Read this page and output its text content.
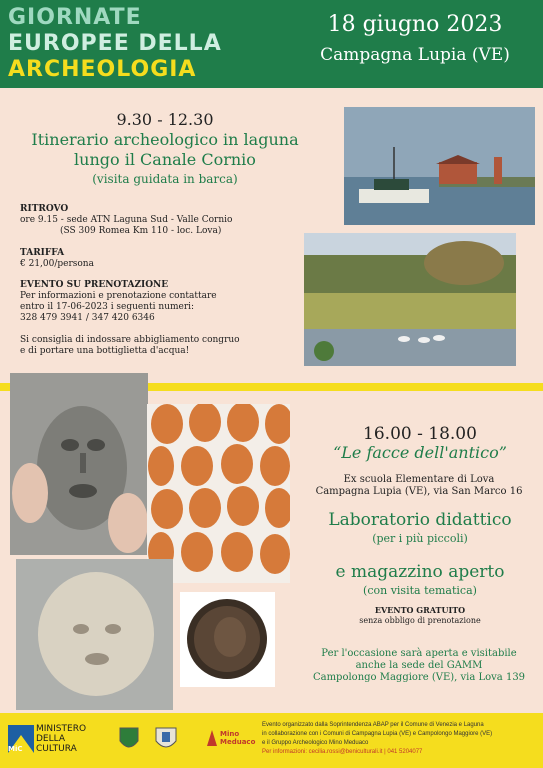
GIORNATE
EUROPEE DELLA
ARCHEOLOGIA
18 giugno 2023
Campagna Lupia (VE)
9.30 - 12.30
Itinerario archeologico in laguna
lungo il Canale Cornio
(visita guidata in barca)
RITROVO
ore 9.15 - sede ATN Laguna Sud - Valle Cornio
(SS 309 Romea Km 110 - loc. Lova)
TARIFFA
€ 21,00/persona
EVENTO SU PRENOTAZIONE
Per informazioni e prenotazione contattare
entro il 17-06-2023 i seguenti numeri:
328 479 3941 / 347 420 6346
Si consiglia di indossare abbigliamento congruo
e di portare una bottiglietta d'acqua!
16.00 - 18.00
“Le facce dell'antico”
Ex scuola Elementare di Lova
Campagna Lupia (VE), via San Marco 16
Laboratorio didattico
(per i più piccoli)
e magazzino aperto
(con visita tematica)
EVENTO GRATUITO
senza obbligo di prenotazione
Per l'occasione sarà aperta e visitabile
anche la sede del GAMM
Campolongo Maggiore (VE), via Lova 139
MiC
MINISTERO
DELLA
CULTURA
Mino Meduaco
Evento organizzato dalla Soprintendenza ABAP per il Comune di Venezia e Laguna
in collaborazione con i Comuni di Campagna Lupia (VE) e Campolongo Maggiore (VE)
e il Gruppo Archeologico Mino Meduaco
Per informazioni: cecilia.rossi@beniculturali.it | 041 5204077
